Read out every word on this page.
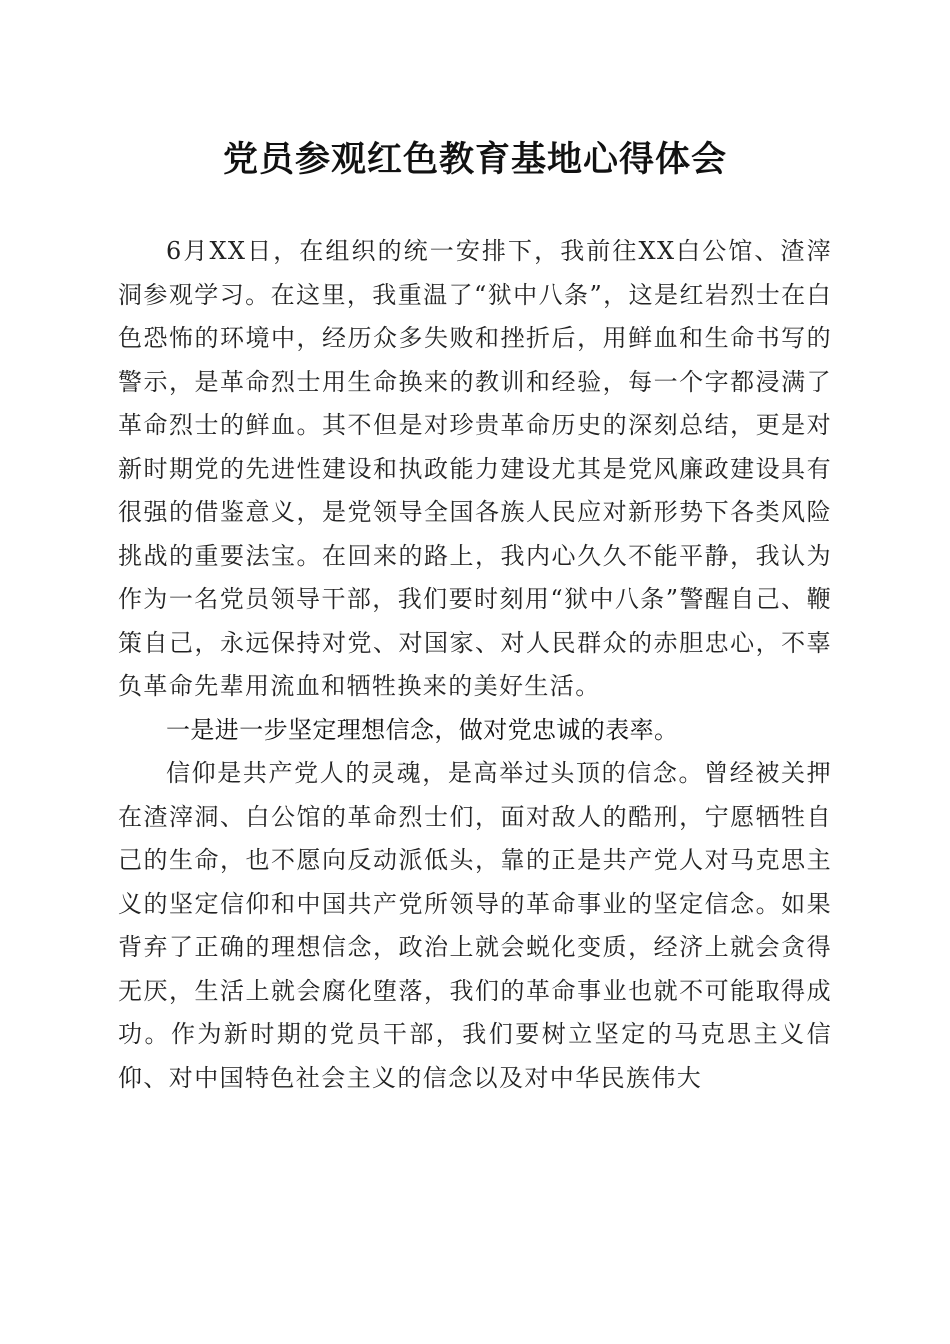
党员参观红色教育基地心得体会

6月XX日，在组织的统一安排下，我前往XX白公馆、渣滓洞参观学习。在这里，我重温了“狱中八条”，这是红岩烈士在白色恐怖的环境中，经历众多失败和挫折后，用鲜血和生命书写的警示，是革命烈士用生命换来的教训和经验，每一个字都浸满了革命烈士的鲜血。其不但是对珍贵革命历史的深刻总结，更是对新时期党的先进性建设和执政能力建设尤其是党风廉政建设具有很强的借鉴意义，是党领导全国各族人民应对新形势下各类风险挑战的重要法宝。在回来的路上，我内心久久不能平静，我认为作为一名党员领导干部，我们要时刻用“狱中八条”警醒自己、鞭策自己，永远保持对党、对国家、对人民群众的赤胆忠心，不辜负革命先辈用流血和牺牲换来的美好生活。

一是进一步坚定理想信念，做对党忠诚的表率。

信仰是共产党人的灵魂，是高举过头顶的信念。曾经被关押在渣滓洞、白公馆的革命烈士们，面对敌人的酷刑，宁愿牺牲自己的生命，也不愿向反动派低头，靠的正是共产党人对马克思主义的坚定信仰和中国共产党所领导的革命事业的坚定信念。如果背弃了正确的理想信念，政治上就会蜕化变质，经济上就会贪得无厌，生活上就会腐化堕落，我们的革命事业也就不可能取得成功。作为新时期的党员干部，我们要树立坚定的马克思主义信仰、对中国特色社会主义的信念以及对中华民族伟大
